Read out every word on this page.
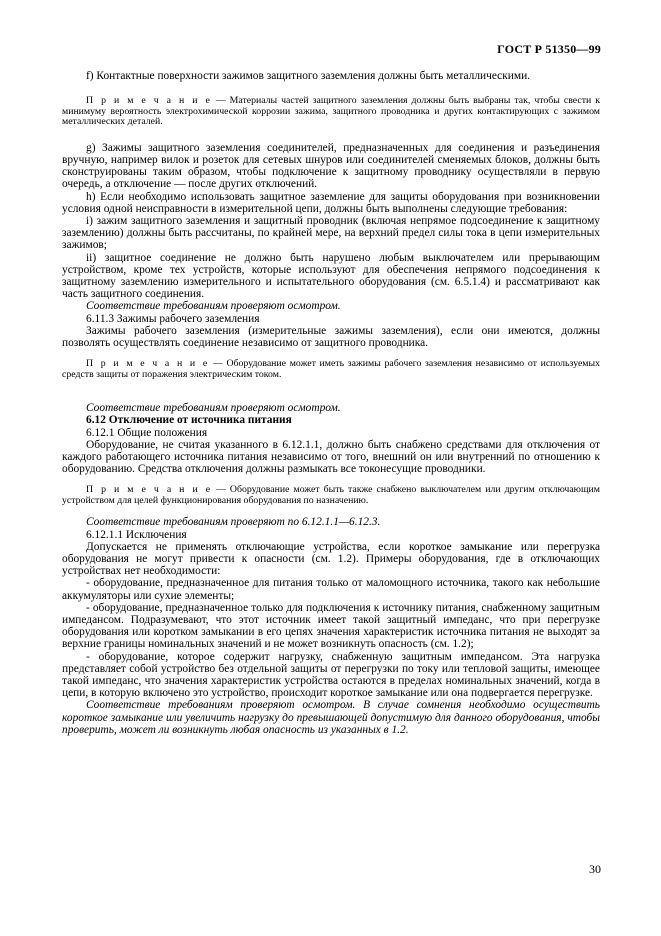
ГОСТ Р 51350—99

f) Контактные поверхности зажимов защитного заземления должны быть металлическими.

П р и м е ч а н и е — Материалы частей защитного заземления должны быть выбраны так, чтобы свести к минимуму вероятность электрохимической коррозии зажима, защитного проводника и других контактирующих с зажимом металлических деталей.

g) Зажимы защитного заземления соединителей, предназначенных для соединения и разъединения вручную, например вилок и розеток для сетевых шнуров или соединителей сменяемых блоков, должны быть сконструированы таким образом, чтобы подключение к защитному проводнику осуществляли в первую очередь, а отключение — после других отключений.

h) Если необходимо использовать защитное заземление для защиты оборудования при возникновении условия одной неисправности в измерительной цепи, должны быть выполнены следующие требования:

i) зажим защитного заземления и защитный проводник (включая непрямое подсоединение к защитному заземлению) должны быть рассчитаны, по крайней мере, на верхний предел силы тока в цепи измерительных зажимов;

ii) защитное соединение не должно быть нарушено любым выключателем или прерывающим устройством, кроме тех устройств, которые используют для обеспечения непрямого подсоединения к защитному заземлению измерительного и испытательного оборудования (см. 6.5.1.4) и рассматривают как часть защитного соединения.

Соответствие требованиям проверяют осмотром.

6.11.3 Зажимы рабочего заземления

Зажимы рабочего заземления (измерительные зажимы заземления), если они имеются, должны позволять осуществлять соединение независимо от защитного проводника.

П р и м е ч а н и е — Оборудование может иметь зажимы рабочего заземления независимо от используемых средств защиты от поражения электрическим током.

Соответствие требованиям проверяют осмотром.

6.12 Отключение от источника питания

6.12.1 Общие положения

Оборудование, не считая указанного в 6.12.1.1, должно быть снабжено средствами для отключения от каждого работающего источника питания независимо от того, внешний он или внутренний по отношению к оборудованию. Средства отключения должны размыкать все токонесущие проводники.

П р и м е ч а н и е — Оборудование может быть также снабжено выключателем или другим отключающим устройством для целей функционирования оборудования по назначению.

Соответствие требованиям проверяют по 6.12.1.1—6.12.3.

6.12.1.1 Исключения

Допускается не применять отключающие устройства, если короткое замыкание или перегрузка оборудования не могут привести к опасности (см. 1.2). Примеры оборудования, где в отключающих устройствах нет необходимости:

- оборудование, предназначенное для питания только от маломощного источника, такого как небольшие аккумуляторы или сухие элементы;

- оборудование, предназначенное только для подключения к источнику питания, снабженному защитным импедансом. Подразумевают, что этот источник имеет такой защитный импеданс, что при перегрузке оборудования или коротком замыкании в его цепях значения характеристик источника питания не выходят за верхние границы номинальных значений и не может возникнуть опасность (см. 1.2);

- оборудование, которое содержит нагрузку, снабженную защитным импедансом. Эта нагрузка представляет собой устройство без отдельной защиты от перегрузки по току или тепловой защиты, имеющее такой импеданс, что значения характеристик устройства остаются в пределах номинальных значений, когда в цепи, в которую включено это устройство, происходит короткое замыкание или она подвергается перегрузке.

Соответствие требованиям проверяют осмотром. В случае сомнения необходимо осуществить короткое замыкание или увеличить нагрузку до превышающей допустимую для данного оборудования, чтобы проверить, может ли возникнуть любая опасность из указанных в 1.2.

30
